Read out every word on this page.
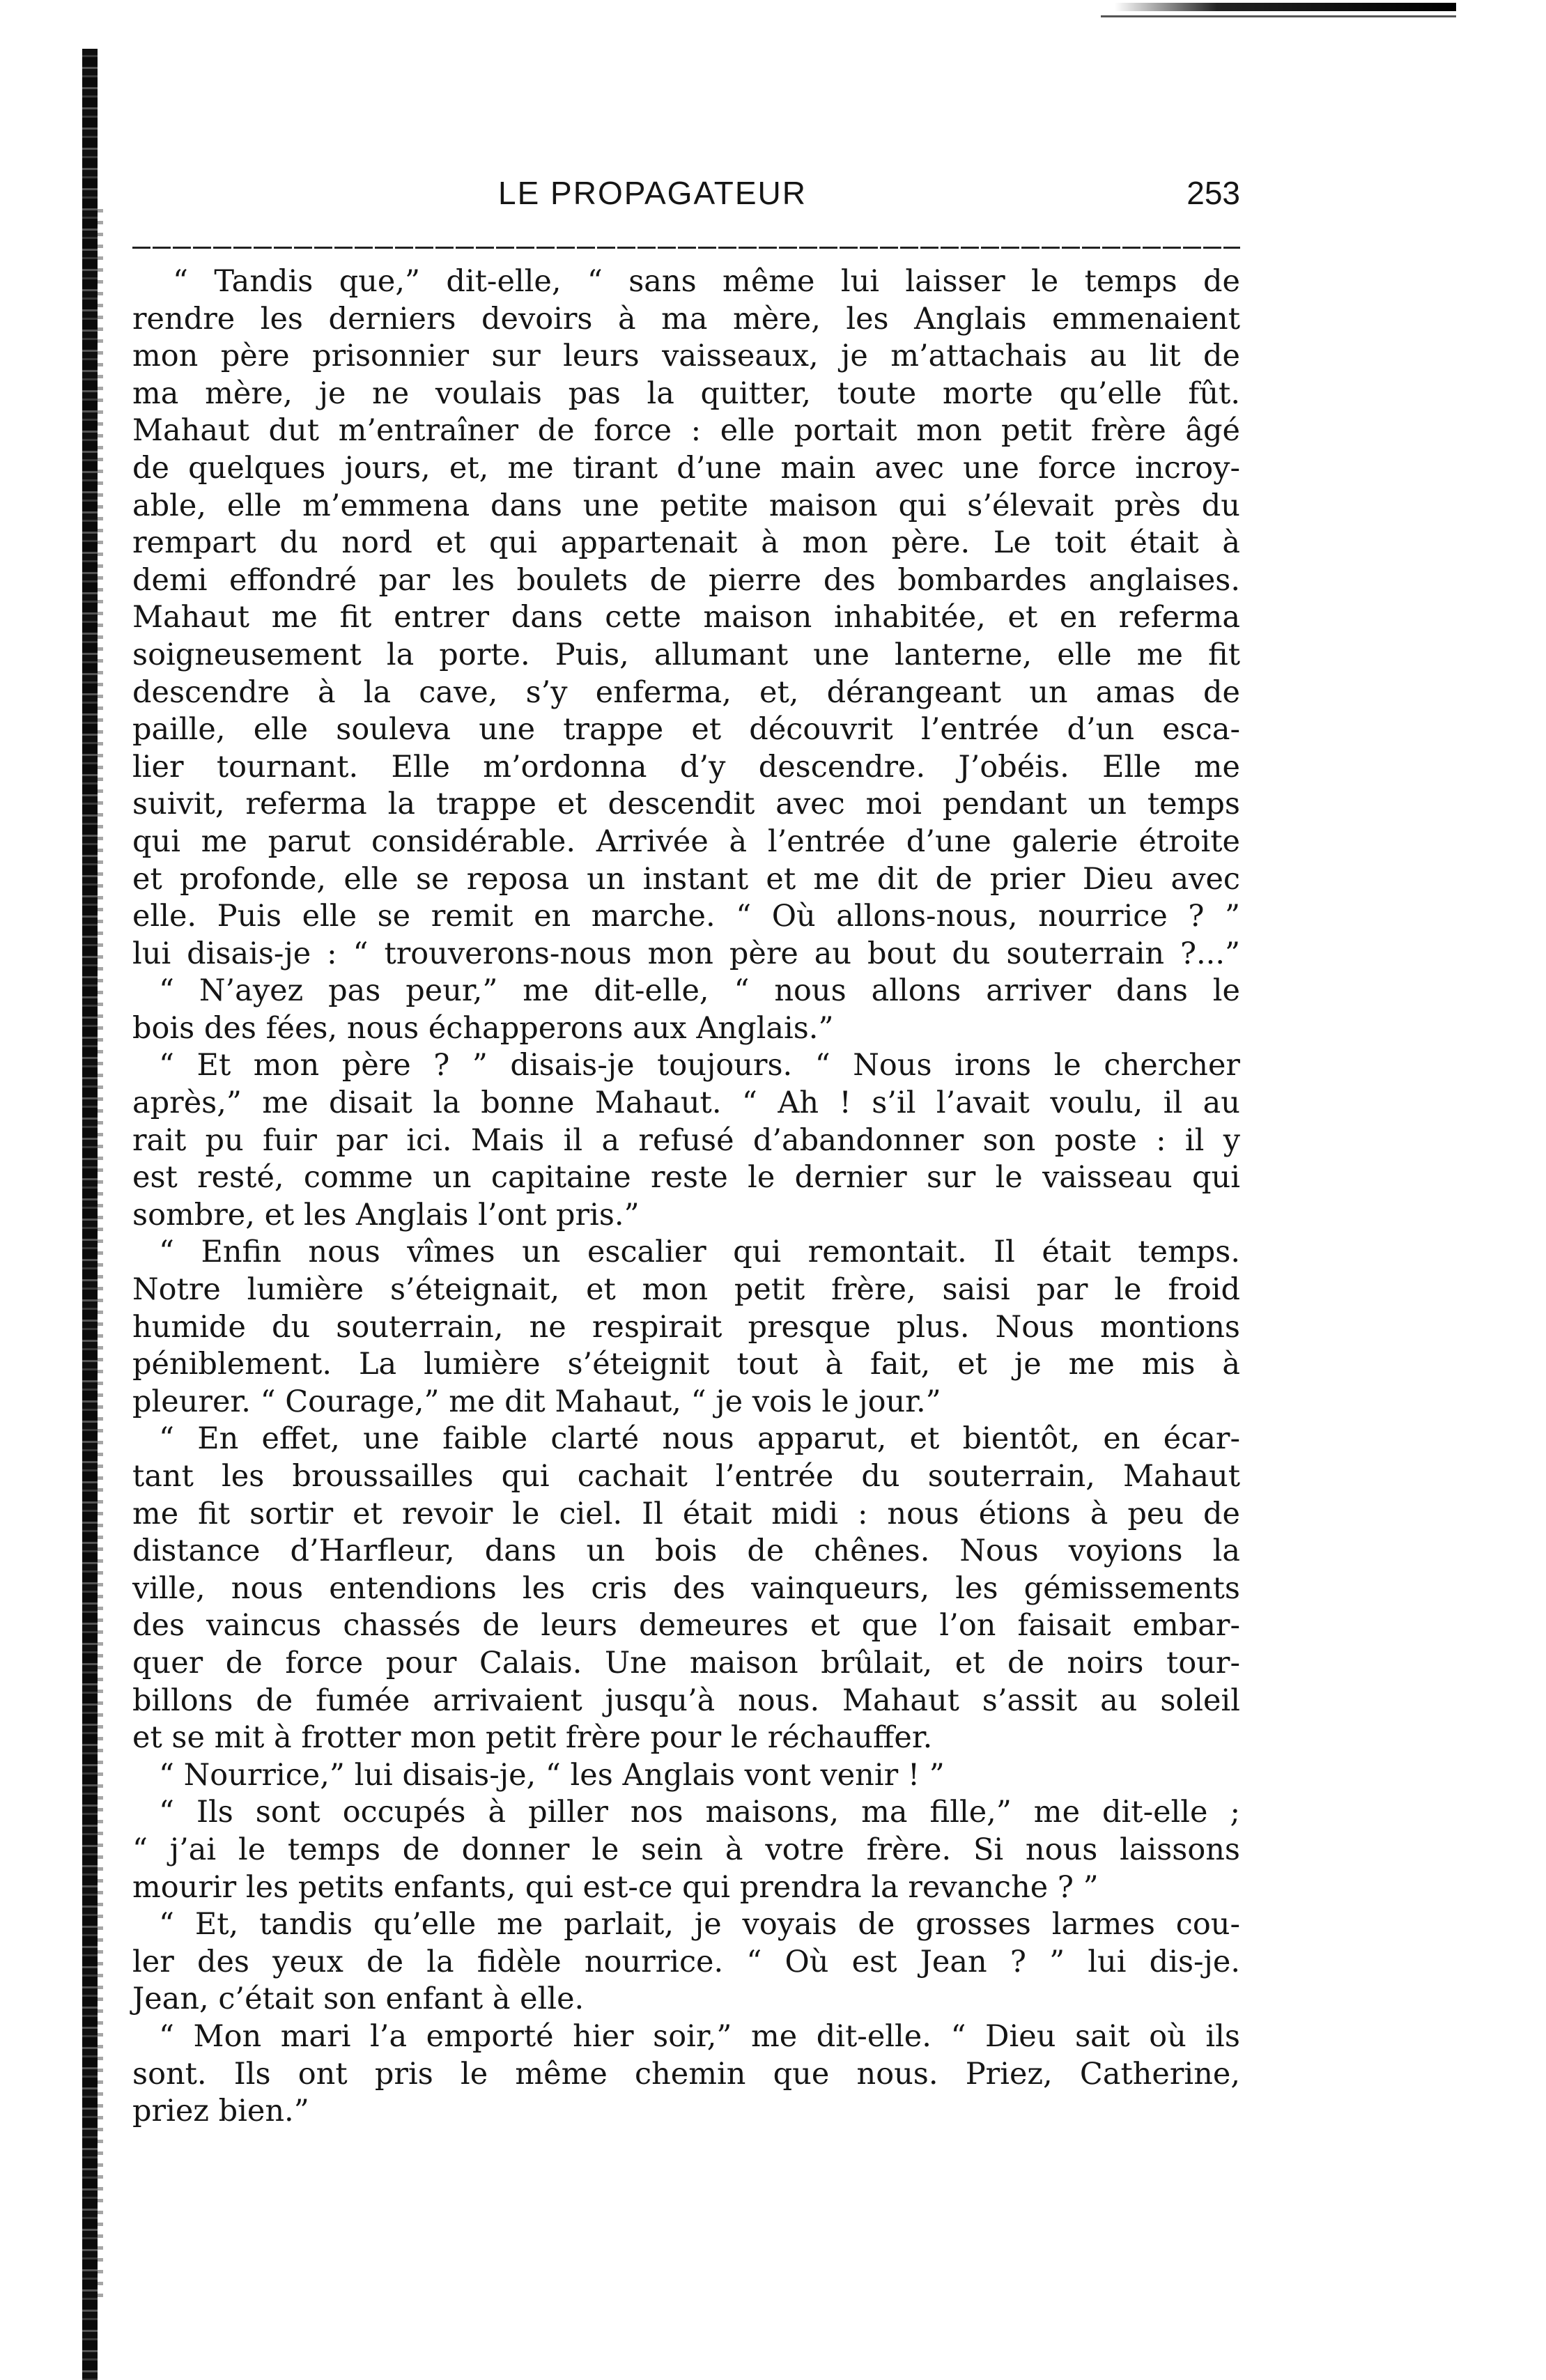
LE PROPAGATEUR	253
“ Tandis que,” dit-elle, “ sans même lui laisser le temps de
rendre les derniers devoirs à ma mère, les Anglais emmenaient
mon père prisonnier sur leurs vaisseaux, je m’attachais au lit de
ma mère, je ne voulais pas la quitter, toute morte qu’elle fût.
Mahaut dut m’entraîner de force : elle portait mon petit frère âgé
de quelques jours, et, me tirant d’une main avec une force incroy-
able, elle m’emmena dans une petite maison qui s’élevait près du
rempart du nord et qui appartenait à mon père. Le toit était à
demi effondré par les boulets de pierre des bombardes anglaises.
Mahaut me fit entrer dans cette maison inhabitée, et en referma
soigneusement la porte. Puis, allumant une lanterne, elle me fit
descendre à la cave, s’y enferma, et, dérangeant un amas de
paille, elle souleva une trappe et découvrit l’entrée d’un esca-
lier tournant. Elle m’ordonna d’y descendre. J’obéis. Elle me
suivit, referma la trappe et descendit avec moi pendant un temps
qui me parut considérable. Arrivée à l’entrée d’une galerie étroite
et profonde, elle se reposa un instant et me dit de prier Dieu avec
elle. Puis elle se remit en marche. “ Où allons-nous, nourrice ? ”
lui disais-je : “ trouverons-nous mon père au bout du souterrain ?...”
“ N’ayez pas peur,” me dit-elle, “ nous allons arriver dans le
bois des fées, nous échapperons aux Anglais.”
“ Et mon père ? ” disais-je toujours. “ Nous irons le chercher
après,” me disait la bonne Mahaut. “ Ah ! s’il l’avait voulu, il au
rait pu fuir par ici. Mais il a refusé d’abandonner son poste : il y
est resté, comme un capitaine reste le dernier sur le vaisseau qui
sombre, et les Anglais l’ont pris.”
“ Enfin nous vîmes un escalier qui remontait. Il était temps.
Notre lumière s’éteignait, et mon petit frère, saisi par le froid
humide du souterrain, ne respirait presque plus. Nous montions
péniblement. La lumière s’éteignit tout à fait, et je me mis à
pleurer. “ Courage,” me dit Mahaut, “ je vois le jour.”
“ En effet, une faible clarté nous apparut, et bientôt, en écar-
tant les broussailles qui cachait l’entrée du souterrain, Mahaut
me fit sortir et revoir le ciel. Il était midi : nous étions à peu de
distance d’Harfleur, dans un bois de chênes. Nous voyions la
ville, nous entendions les cris des vainqueurs, les gémissements
des vaincus chassés de leurs demeures et que l’on faisait embar-
quer de force pour Calais. Une maison brûlait, et de noirs tour-
billons de fumée arrivaient jusqu’à nous. Mahaut s’assit au soleil
et se mit à frotter mon petit frère pour le réchauffer.
“ Nourrice,” lui disais-je, “ les Anglais vont venir ! ”
“ Ils sont occupés à piller nos maisons, ma fille,” me dit-elle ;
“ j’ai le temps de donner le sein à votre frère. Si nous laissons
mourir les petits enfants, qui est-ce qui prendra la revanche ? ”
“ Et, tandis qu’elle me parlait, je voyais de grosses larmes cou-
ler des yeux de la fidèle nourrice. “ Où est Jean ? ” lui dis-je.
Jean, c’était son enfant à elle.
“ Mon mari l’a emporté hier soir,” me dit-elle. “ Dieu sait où ils
sont. Ils ont pris le même chemin que nous. Priez, Catherine,
priez bien.”
